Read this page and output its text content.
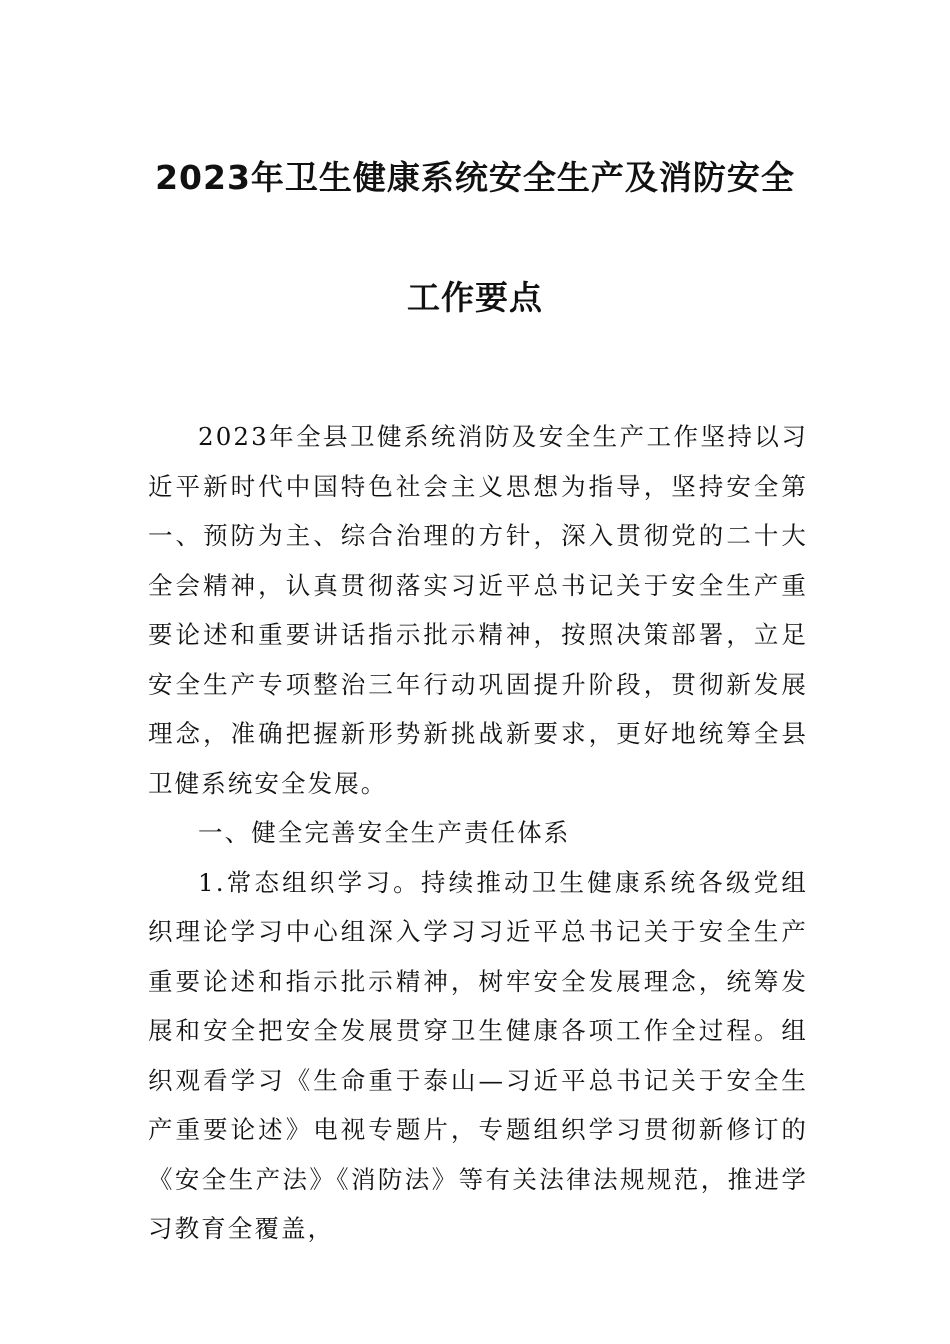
2023年卫生健康系统安全生产及消防安全
工作要点

2023年全县卫健系统消防及安全生产工作坚持以习近平新时代中国特色社会主义思想为指导，坚持安全第一、预防为主、综合治理的方针，深入贯彻党的二十大全会精神，认真贯彻落实习近平总书记关于安全生产重要论述和重要讲话指示批示精神，按照决策部署，立足安全生产专项整治三年行动巩固提升阶段，贯彻新发展理念，准确把握新形势新挑战新要求，更好地统筹全县卫健系统安全发展。

一、健全完善安全生产责任体系

1.常态组织学习。持续推动卫生健康系统各级党组织理论学习中心组深入学习习近平总书记关于安全生产重要论述和指示批示精神，树牢安全发展理念，统筹发展和安全把安全发展贯穿卫生健康各项工作全过程。组织观看学习《生命重于泰山—习近平总书记关于安全生产重要论述》电视专题片，专题组织学习贯彻新修订的《安全生产法》《消防法》等有关法律法规规范，推进学习教育全覆盖，
